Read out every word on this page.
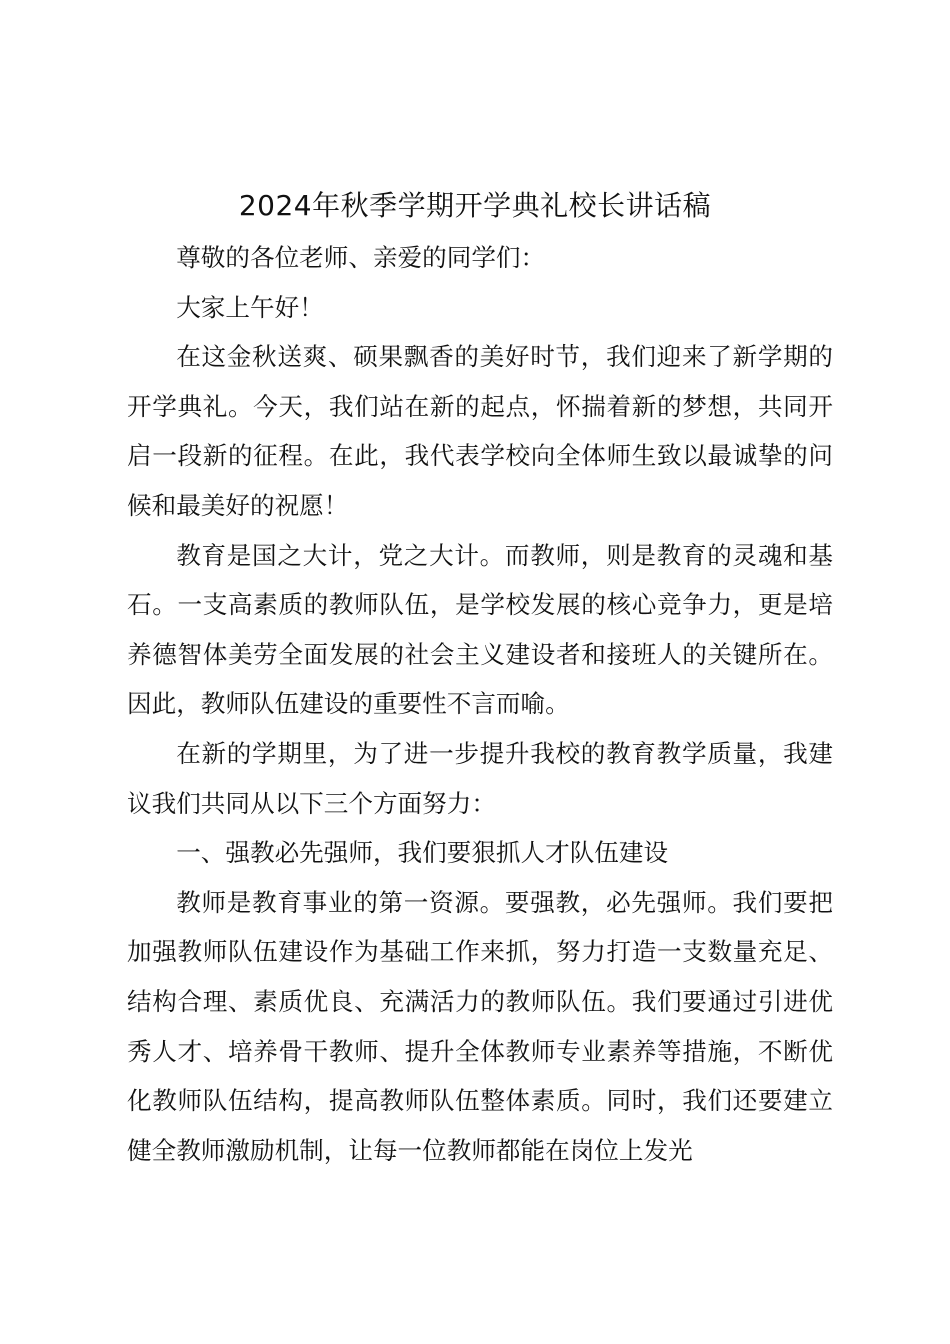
2024年秋季学期开学典礼校长讲话稿

尊敬的各位老师、亲爱的同学们：

大家上午好！

在这金秋送爽、硕果飘香的美好时节，我们迎来了新学期的开学典礼。今天，我们站在新的起点，怀揣着新的梦想，共同开启一段新的征程。在此，我代表学校向全体师生致以最诚挚的问候和最美好的祝愿！

教育是国之大计，党之大计。而教师，则是教育的灵魂和基石。一支高素质的教师队伍，是学校发展的核心竞争力，更是培养德智体美劳全面发展的社会主义建设者和接班人的关键所在。因此，教师队伍建设的重要性不言而喻。

在新的学期里，为了进一步提升我校的教育教学质量，我建议我们共同从以下三个方面努力：

一、强教必先强师，我们要狠抓人才队伍建设

教师是教育事业的第一资源。要强教，必先强师。我们要把加强教师队伍建设作为基础工作来抓，努力打造一支数量充足、结构合理、素质优良、充满活力的教师队伍。我们要通过引进优秀人才、培养骨干教师、提升全体教师专业素养等措施，不断优化教师队伍结构，提高教师队伍整体素质。同时，我们还要建立健全教师激励机制，让每一位教师都能在岗位上发光
